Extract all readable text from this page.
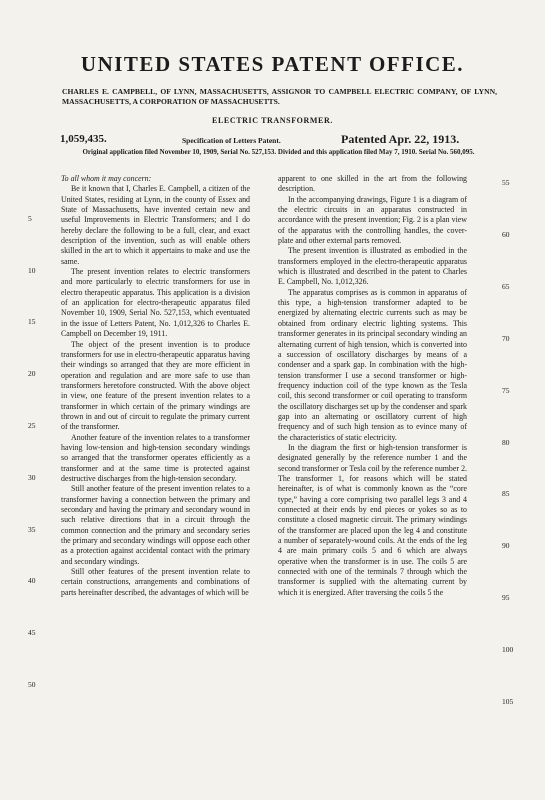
UNITED STATES PATENT OFFICE.
CHARLES E. CAMPBELL, OF LYNN, MASSACHUSETTS, ASSIGNOR TO CAMPBELL ELECTRIC COMPANY, OF LYNN, MASSACHUSETTS, A CORPORATION OF MASSACHUSETTS.
ELECTRIC TRANSFORMER.
1,059,435.	Specification of Letters Patent.	Patented Apr. 22, 1913.
Original application filed November 10, 1909, Serial No. 527,153. Divided and this application filed May 7, 1910. Serial No. 560,095.

To all whom it may concern:

Be it known that I, Charles E. Campbell, a citizen of the United States, residing at Lynn, in the county of Essex and State of Massachusetts, have invented certain new and useful Improvements in Electric Transformers; and I do hereby declare the following to be a full, clear, and exact description of the invention, such as will enable others skilled in the art to which it appertains to make and use the same.

The present invention relates to electric transformers and more particularly to electric transformers for use in electro therapeutic apparatus. This application is a division of an application for electro-therapeutic apparatus filed November 10, 1909, Serial No. 527,153, which eventuated in the issue of Letters Patent, No. 1,012,326 to Charles E. Campbell on December 19, 1911.

The object of the present invention is to produce transformers for use in electro-therapeutic apparatus having their windings so arranged that they are more efficient in operation and regulation and are more safe to use than transformers heretofore constructed. With the above object in view, one feature of the present invention relates to a transformer in which certain of the primary windings are thrown in and out of circuit to regulate the primary current of the transformer.

Another feature of the invention relates to a transformer having low-tension and high-tension secondary windings so arranged that the transformer operates efficiently as a transformer and at the same time is protected against destructive discharges from the high-tension secondary.

Still another feature of the present invention relates to a transformer having a connection between the primary and secondary and having the primary and secondary wound in such relative directions that in a circuit through the common connection and the primary and secondary series the primary and secondary windings will oppose each other as a protection against accidental contact with the primary and secondary windings.

Still other features of the present invention relate to certain constructions, arrangements and combinations of parts hereinafter described, the advantages of which will be

apparent to one skilled in the art from the following description.

In the accompanying drawings, Figure 1 is a diagram of the electric circuits in an apparatus constructed in accordance with the present invention; Fig. 2 is a plan view of the apparatus with the controlling handles, the cover-plate and other external parts removed.

The present invention is illustrated as embodied in the transformers employed in the electro-therapeutic apparatus which is illustrated and described in the patent to Charles E. Campbell, No. 1,012,326.

The apparatus comprises as is common in apparatus of this type, a high-tension transformer adapted to be energized by alternating electric currents such as may be obtained from ordinary electric lighting systems. This transformer generates in its principal secondary winding an alternating current of high tension, which is converted into a succession of oscillatory discharges by means of a condenser and a spark gap. In combination with the high-tension transformer I use a second transformer or high-frequency induction coil of the type known as the Tesla coil, this second transformer or coil operating to transform the oscillatory discharges set up by the condenser and spark gap into an alternating or oscillatory current of high frequency and of such high tension as to evince many of the characteristics of static electricity.

In the diagram the first or high-tension transformer is designated generally by the reference number 1 and the second transformer or Tesla coil by the reference number 2. The transformer 1, for reasons which will be stated hereinafter, is of what is commonly known as the “core type,” having a core comprising two parallel legs 3 and 4 connected at their ends by end pieces or yokes so as to constitute a closed magnetic circuit. The primary windings of the transformer are placed upon the leg 4 and constitute a number of separately-wound coils. At the ends of the leg 4 are main primary coils 5 and 6 which are always operative when the transformer is in use. The coils 5 are connected with one of the terminals 7 through which the transformer is supplied with the alternating current by which it is energized. After traversing the coils 5 the

5
10
15
20
25
30
35
40
45
50
55
60
65
70
75
80
85
90
95
100
105
